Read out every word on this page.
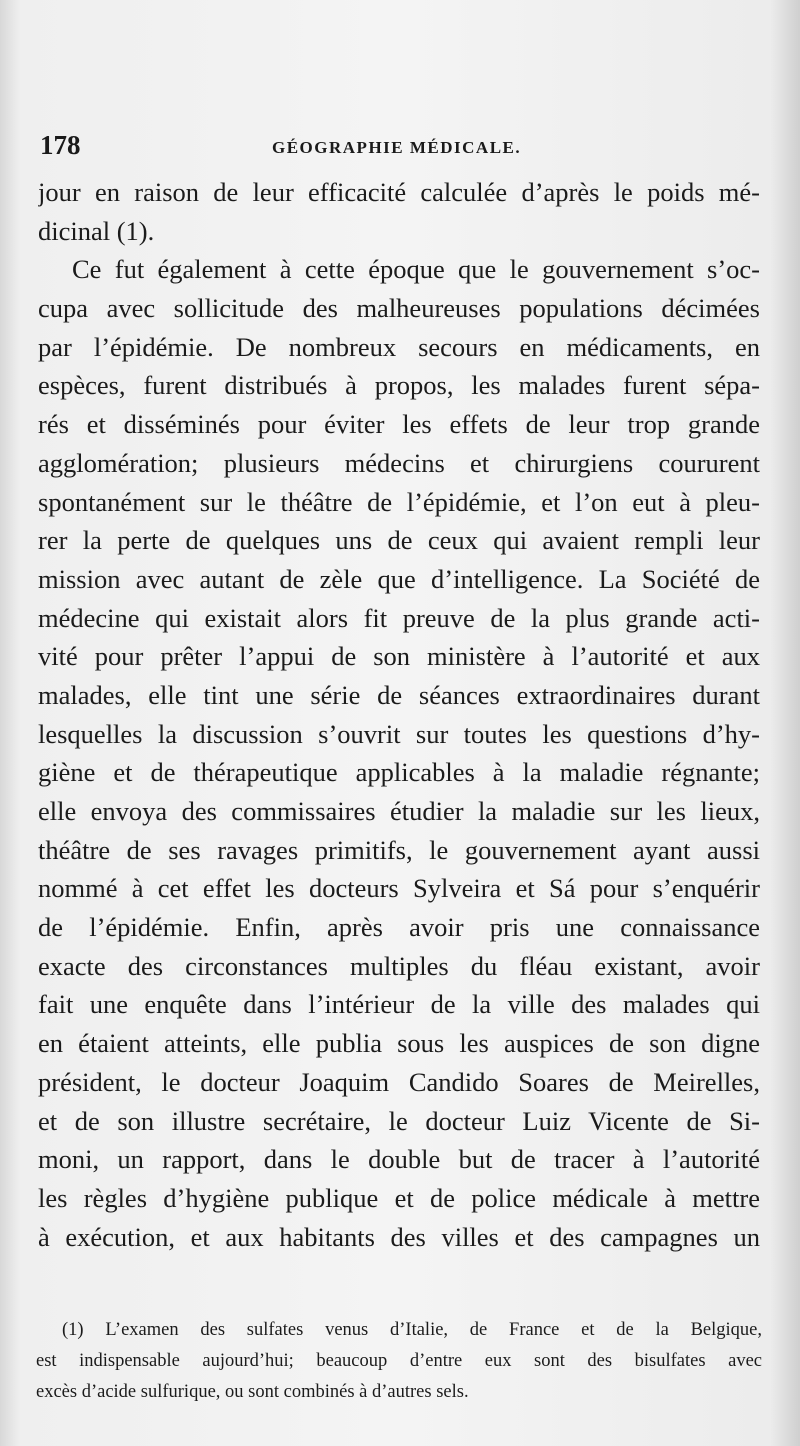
178	GÉOGRAPHIE MÉDICALE.
jour en raison de leur efficacité calculée d’après le poids mé-
dicinal (1).
Ce fut également à cette époque que le gouvernement s’oc-
cupa avec sollicitude des malheureuses populations décimées
par l’épidémie. De nombreux secours en médicaments, en
espèces, furent distribués à propos, les malades furent sépa-
rés et disséminés pour éviter les effets de leur trop grande
agglomération; plusieurs médecins et chirurgiens coururent
spontanément sur le théâtre de l’épidémie, et l’on eut à pleu-
rer la perte de quelques uns de ceux qui avaient rempli leur
mission avec autant de zèle que d’intelligence. La Société de
médecine qui existait alors fit preuve de la plus grande acti-
vité pour prêter l’appui de son ministère à l’autorité et aux
malades, elle tint une série de séances extraordinaires durant
lesquelles la discussion s’ouvrit sur toutes les questions d’hy-
giène et de thérapeutique applicables à la maladie régnante;
elle envoya des commissaires étudier la maladie sur les lieux,
théâtre de ses ravages primitifs, le gouvernement ayant aussi
nommé à cet effet les docteurs Sylveira et Sá pour s’enquérir
de l’épidémie. Enfin, après avoir pris une connaissance
exacte des circonstances multiples du fléau existant, avoir
fait une enquête dans l’intérieur de la ville des malades qui
en étaient atteints, elle publia sous les auspices de son digne
président, le docteur Joaquim Candido Soares de Meirelles,
et de son illustre secrétaire, le docteur Luiz Vicente de Si-
moni, un rapport, dans le double but de tracer à l’autorité
les règles d’hygiène publique et de police médicale à mettre
à exécution, et aux habitants des villes et des campagnes un
(1) L’examen des sulfates venus d’Italie, de France et de la Belgique,
est indispensable aujourd’hui; beaucoup d’entre eux sont des bisulfates avec
excès d’acide sulfurique, ou sont combinés à d’autres sels.
